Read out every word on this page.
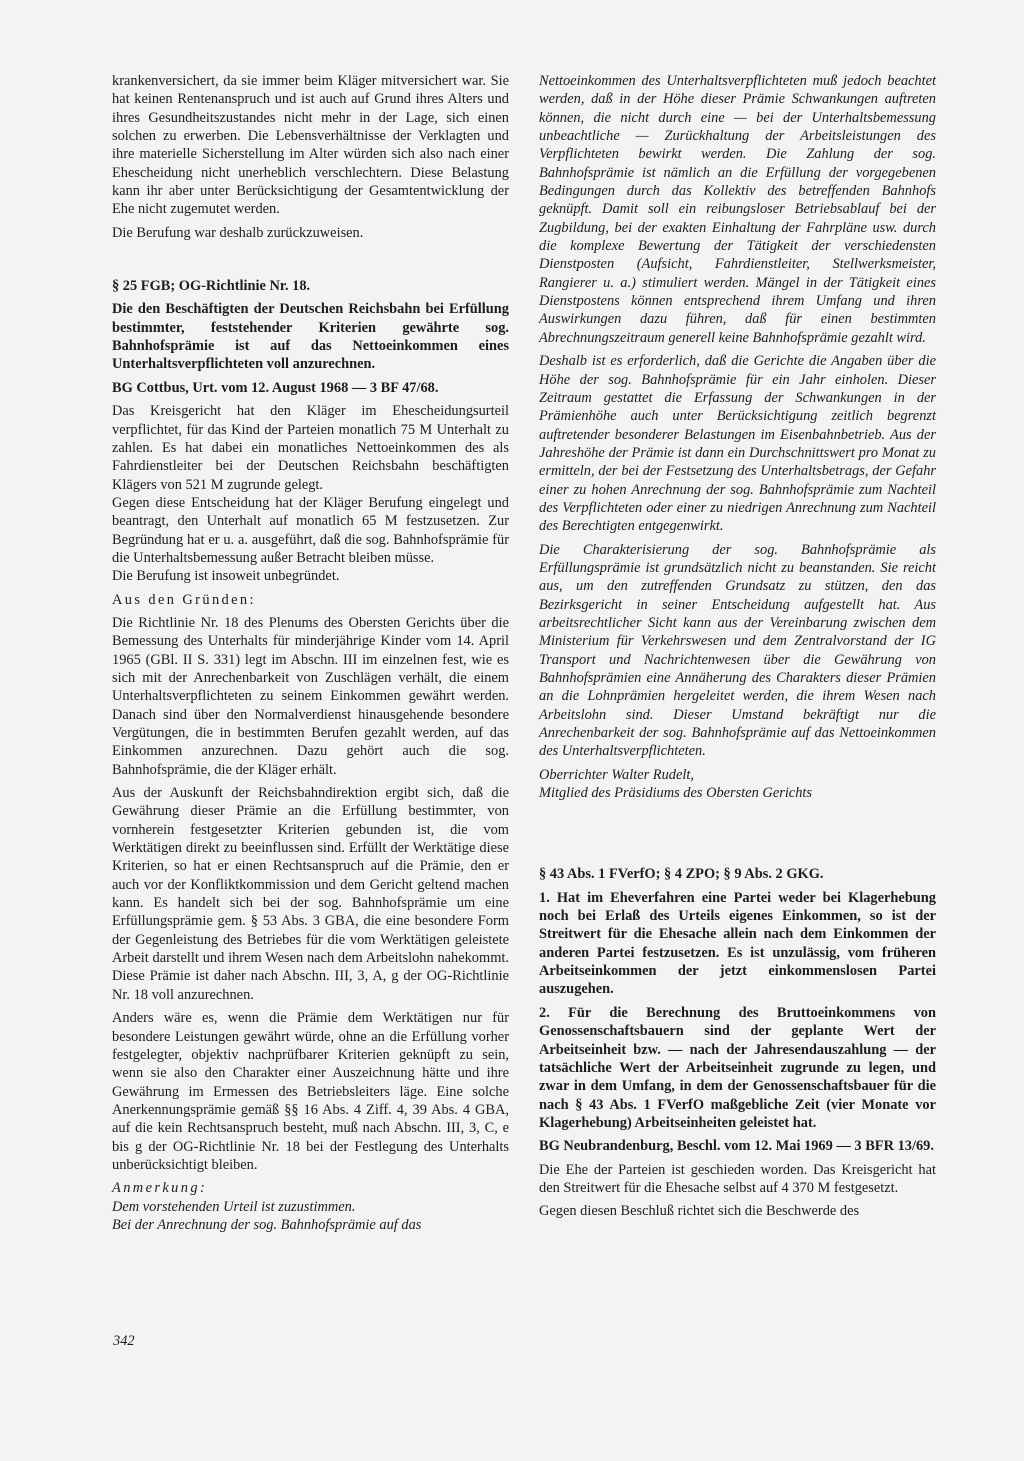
krankenversichert, da sie immer beim Kläger mitversichert war. Sie hat keinen Rentenanspruch und ist auch auf Grund ihres Alters und ihres Gesundheitszustandes nicht mehr in der Lage, sich einen solchen zu erwerben. Die Lebensverhältnisse der Verklagten und ihre materielle Sicherstellung im Alter würden sich also nach einer Ehescheidung nicht unerheblich verschlechtern. Diese Belastung kann ihr aber unter Berücksichtigung der Gesamtentwicklung der Ehe nicht zugemutet werden.

Die Berufung war deshalb zurückzuweisen.

§ 25 FGB; OG-Richtlinie Nr. 18.

Die den Beschäftigten der Deutschen Reichsbahn bei Erfüllung bestimmter, feststehender Kriterien gewährte sog. Bahnhofsprämie ist auf das Nettoeinkommen eines Unterhaltsverpflichteten voll anzurechnen.

BG Cottbus, Urt. vom 12. August 1968 — 3 BF 47/68.

Das Kreisgericht hat den Kläger im Ehescheidungsurteil verpflichtet, für das Kind der Parteien monatlich 75 M Unterhalt zu zahlen. Es hat dabei ein monatliches Nettoeinkommen des als Fahrdienstleiter bei der Deutschen Reichsbahn beschäftigten Klägers von 521 M zugrunde gelegt.

Gegen diese Entscheidung hat der Kläger Berufung eingelegt und beantragt, den Unterhalt auf monatlich 65 M festzusetzen. Zur Begründung hat er u. a. ausgeführt, daß die sog. Bahnhofsprämie für die Unterhaltsbemessung außer Betracht bleiben müsse.

Die Berufung ist insoweit unbegründet.

Aus den Gründen:

Die Richtlinie Nr. 18 des Plenums des Obersten Gerichts über die Bemessung des Unterhalts für minderjährige Kinder vom 14. April 1965 (GBl. II S. 331) legt im Abschn. III im einzelnen fest, wie es sich mit der Anrechenbarkeit von Zuschlägen verhält, die einem Unterhaltsverpflichteten zu seinem Einkommen gewährt werden. Danach sind über den Normalverdienst hinausgehende besondere Vergütungen, die in bestimmten Berufen gezahlt werden, auf das Einkommen anzurechnen. Dazu gehört auch die sog. Bahnhofsprämie, die der Kläger erhält.

Aus der Auskunft der Reichsbahndirektion ergibt sich, daß die Gewährung dieser Prämie an die Erfüllung bestimmter, von vornherein festgesetzter Kriterien gebunden ist, die vom Werktätigen direkt zu beeinflussen sind. Erfüllt der Werktätige diese Kriterien, so hat er einen Rechtsanspruch auf die Prämie, den er auch vor der Konfliktkommission und dem Gericht geltend machen kann. Es handelt sich bei der sog. Bahnhofsprämie um eine Erfüllungsprämie gem. § 53 Abs. 3 GBA, die eine besondere Form der Gegenleistung des Betriebes für die vom Werktätigen geleistete Arbeit darstellt und ihrem Wesen nach dem Arbeitslohn nahekommt. Diese Prämie ist daher nach Abschn. III, 3, A, g der OG-Richtlinie Nr. 18 voll anzurechnen.

Anders wäre es, wenn die Prämie dem Werktätigen nur für besondere Leistungen gewährt würde, ohne an die Erfüllung vorher festgelegter, objektiv nachprüfbarer Kriterien geknüpft zu sein, wenn sie also den Charakter einer Auszeichnung hätte und ihre Gewährung im Ermessen des Betriebsleiters läge. Eine solche Anerkennungsprämie gemäß §§ 16 Abs. 4 Ziff. 4, 39 Abs. 4 GBA, auf die kein Rechtsanspruch besteht, muß nach Abschn. III, 3, C, e bis g der OG-Richtlinie Nr. 18 bei der Festlegung des Unterhalts unberücksichtigt bleiben.

Anmerkung:

Dem vorstehenden Urteil ist zuzustimmen.

Bei der Anrechnung der sog. Bahnhofsprämie auf das

Nettoeinkommen des Unterhaltsverpflichteten muß jedoch beachtet werden, daß in der Höhe dieser Prämie Schwankungen auftreten können, die nicht durch eine — bei der Unterhaltsbemessung unbeachtliche — Zurückhaltung der Arbeitsleistungen des Verpflichteten bewirkt werden. Die Zahlung der sog. Bahnhofsprämie ist nämlich an die Erfüllung der vorgegebenen Bedingungen durch das Kollektiv des betreffenden Bahnhofs geknüpft. Damit soll ein reibungsloser Betriebsablauf bei der Zugbildung, bei der exakten Einhaltung der Fahrpläne usw. durch die komplexe Bewertung der Tätigkeit der verschiedensten Dienstposten (Aufsicht, Fahrdienstleiter, Stellwerksmeister, Rangierer u. a.) stimuliert werden. Mängel in der Tätigkeit eines Dienstpostens können entsprechend ihrem Umfang und ihren Auswirkungen dazu führen, daß für einen bestimmten Abrechnungszeitraum generell keine Bahnhofsprämie gezahlt wird.

Deshalb ist es erforderlich, daß die Gerichte die Angaben über die Höhe der sog. Bahnhofsprämie für ein Jahr einholen. Dieser Zeitraum gestattet die Erfassung der Schwankungen in der Prämienhöhe auch unter Berücksichtigung zeitlich begrenzt auftretender besonderer Belastungen im Eisenbahnbetrieb. Aus der Jahreshöhe der Prämie ist dann ein Durchschnittswert pro Monat zu ermitteln, der bei der Festsetzung des Unterhaltsbetrags, der Gefahr einer zu hohen Anrechnung der sog. Bahnhofsprämie zum Nachteil des Verpflichteten oder einer zu niedrigen Anrechnung zum Nachteil des Berechtigten entgegenwirkt.

Die Charakterisierung der sog. Bahnhofsprämie als Erfüllungsprämie ist grundsätzlich nicht zu beanstanden. Sie reicht aus, um den zutreffenden Grundsatz zu stützen, den das Bezirksgericht in seiner Entscheidung aufgestellt hat. Aus arbeitsrechtlicher Sicht kann aus der Vereinbarung zwischen dem Ministerium für Verkehrswesen und dem Zentralvorstand der IG Transport und Nachrichtenwesen über die Gewährung von Bahnhofsprämien eine Annäherung des Charakters dieser Prämien an die Lohnprämien hergeleitet werden, die ihrem Wesen nach Arbeitslohn sind. Dieser Umstand bekräftigt nur die Anrechenbarkeit der sog. Bahnhofsprämie auf das Nettoeinkommen des Unterhaltsverpflichteten.

Oberrichter Walter Rudelt,

Mitglied des Präsidiums des Obersten Gerichts

§ 43 Abs. 1 FVerfO; § 4 ZPO; § 9 Abs. 2 GKG.

1. Hat im Eheverfahren eine Partei weder bei Klagerhebung noch bei Erlaß des Urteils eigenes Einkommen, so ist der Streitwert für die Ehesache allein nach dem Einkommen der anderen Partei festzusetzen. Es ist unzulässig, vom früheren Arbeitseinkommen der jetzt einkommenslosen Partei auszugehen.

2. Für die Berechnung des Bruttoeinkommens von Genossenschaftsbauern sind der geplante Wert der Arbeitseinheit bzw. — nach der Jahresendauszahlung — der tatsächliche Wert der Arbeitseinheit zugrunde zu legen, und zwar in dem Umfang, in dem der Genossenschaftsbauer für die nach § 43 Abs. 1 FVerfO maßgebliche Zeit (vier Monate vor Klagerhebung) Arbeitseinheiten geleistet hat.

BG Neubrandenburg, Beschl. vom 12. Mai 1969 — 3 BFR 13/69.

Die Ehe der Parteien ist geschieden worden. Das Kreisgericht hat den Streitwert für die Ehesache selbst auf 4 370 M festgesetzt.

Gegen diesen Beschluß richtet sich die Beschwerde des

342
